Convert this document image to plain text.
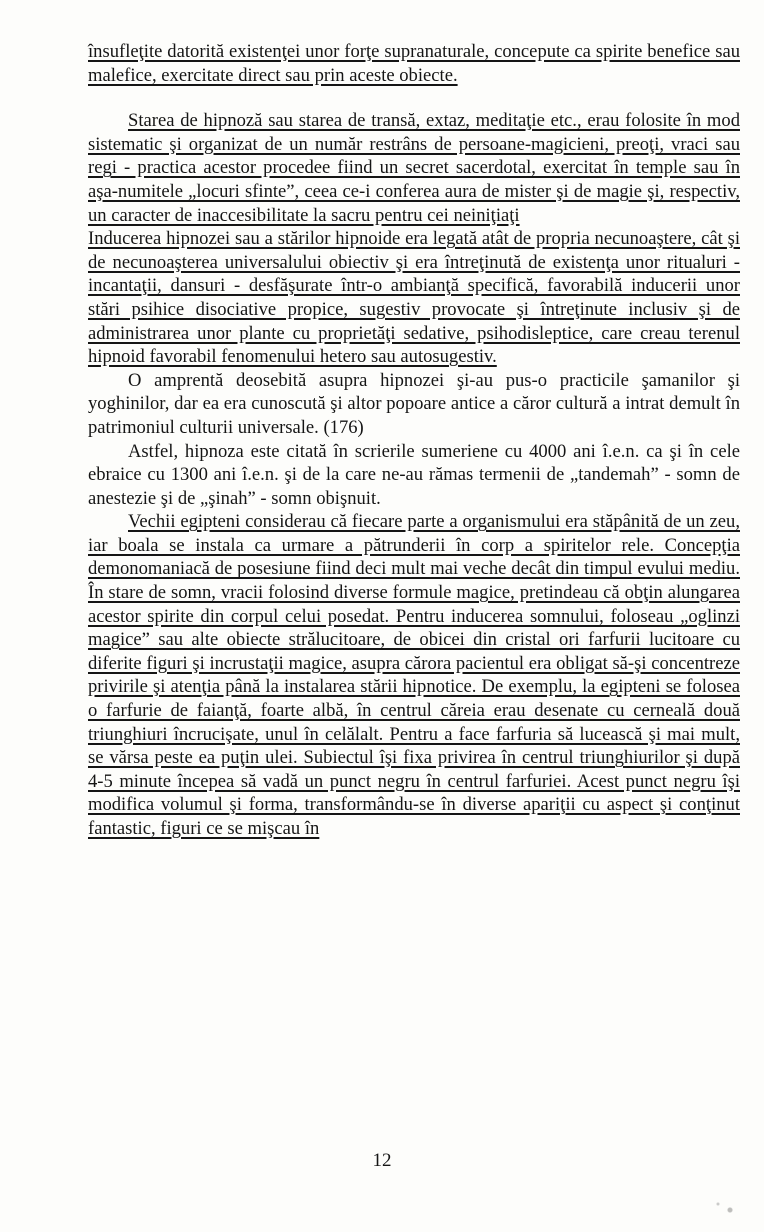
însufleţite datorită existenţei unor forţe supranaturale, concepute ca spirite benefice sau malefice, exercitate direct sau prin aceste obiecte.

Starea de hipnoză sau starea de transă, extaz, meditaţie etc., erau folosite în mod sistematic şi organizat de un număr restrâns de persoane-magicieni, preoţi, vraci sau regi - practica acestor procedee fiind un secret sacerdotal, exercitat în temple sau în aşa-numitele „locuri sfinte”, ceea ce-i conferea aura de mister şi de magie şi, respectiv, un caracter de inaccesibilitate la sacru pentru cei neiniţiaţi

Inducerea hipnozei sau a stărilor hipnoide era legată atât de propria necunoaştere, cât şi de necunoaşterea universalului obiectiv şi era întreţinută de existenţa unor ritualuri - incantaţii, dansuri - desfăşurate într-o ambianţă specifică, favorabilă inducerii unor stări psihice disociative propice, sugestiv provocate şi întreţinute inclusiv şi de administrarea unor plante cu proprietăţi sedative, psihodisleptice, care creau terenul hipnoid favorabil fenomenului hetero sau autosugestiv.

O amprentă deosebită asupra hipnozei şi-au pus-o practicile şamanilor şi yoghinilor, dar ea era cunoscută şi altor popoare antice a căror cultură a intrat demult în patrimoniul culturii universale. (176)

Astfel, hipnoza este citată în scrierile sumeriene cu 4000 ani î.e.n. ca şi în cele ebraice cu 1300 ani î.e.n. şi de la care ne-au rămas termenii de „tandemah” - somn de anestezie şi de „şinah” - somn obişnuit.

Vechii egipteni considerau că fiecare parte a organismului era stăpânită de un zeu, iar boala se instala ca urmare a pătrunderii în corp a spiritelor rele. Concepţia demonomaniacă de posesiune fiind deci mult mai veche decât din timpul evului mediu. În stare de somn, vracii folosind diverse formule magice, pretindeau că obţin alungarea acestor spirite din corpul celui posedat. Pentru inducerea somnului, foloseau „oglinzi magice” sau alte obiecte strălucitoare, de obicei din cristal ori farfurii lucitoare cu diferite figuri şi incrustaţii magice, asupra cărora pacientul era obligat să-şi concentreze privirile şi atenţia până la instalarea stării hipnotice. De exemplu, la egipteni se folosea o farfurie de faianţă, foarte albă, în centrul căreia erau desenate cu cerneală două triunghiuri încrucişate, unul în celălalt. Pentru a face farfuria să lucească şi mai mult, se vărsa peste ea puţin ulei. Subiectul îşi fixa privirea în centrul triunghiurilor şi după 4-5 minute începea să vadă un punct negru în centrul farfuriei. Acest punct negru îşi modifica volumul şi forma, transformându-se în diverse apariţii cu aspect şi conţinut fantastic, figuri ce se mişcau în

12
